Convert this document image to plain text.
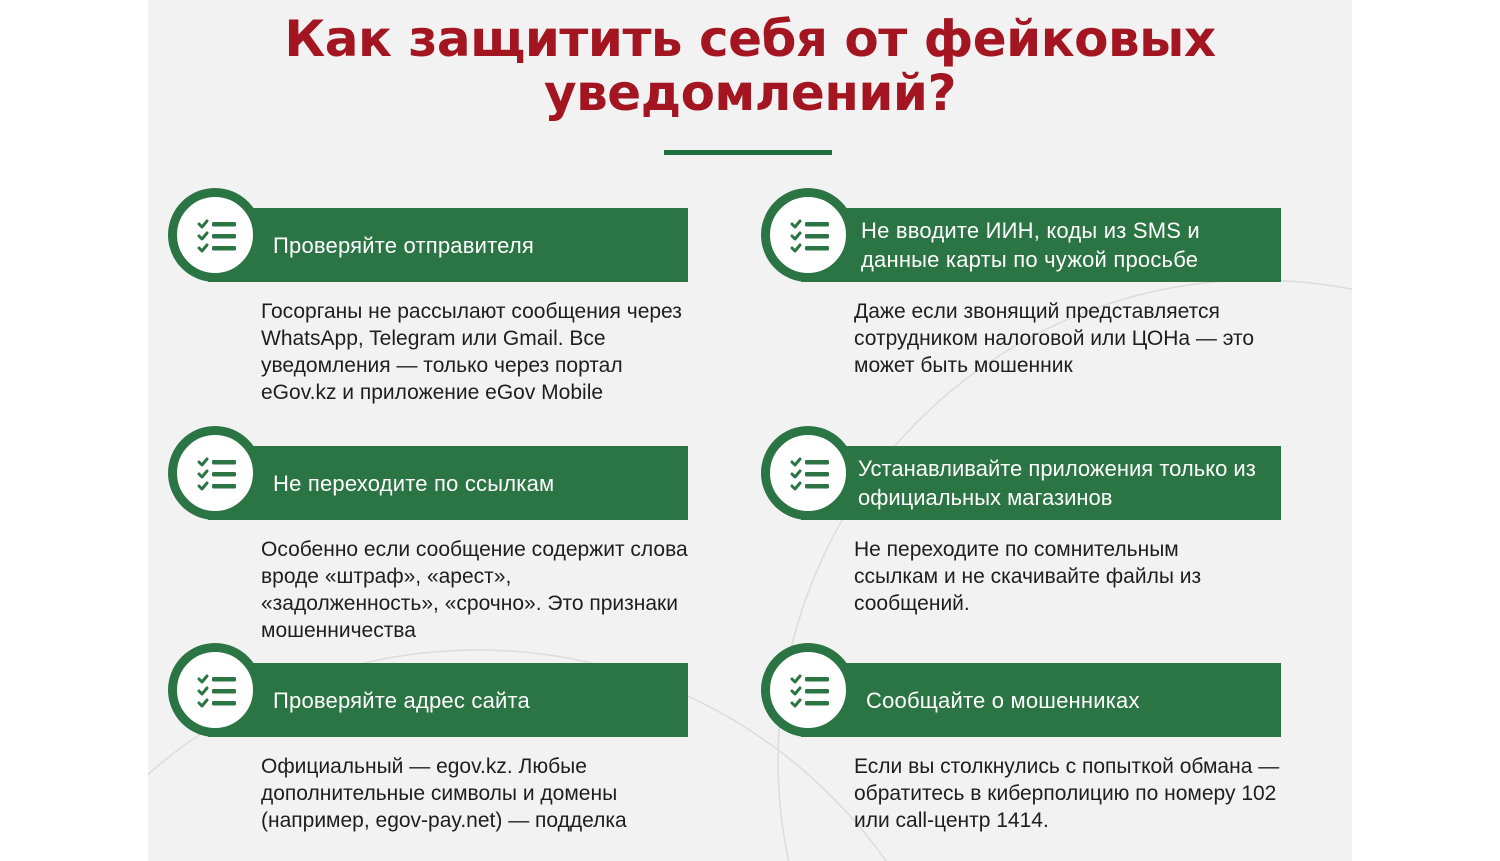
Как защитить себя от фейковых
уведомлений?
Проверяйте отправителя

Госорганы не рассылают сообщения через WhatsApp, Telegram или Gmail. Все уведомления — только через портал eGov.kz и приложение eGov Mobile

Не вводите ИИН, коды из SMS и данные карты по чужой просьбе

Даже если звонящий представляется сотрудником налоговой или ЦОНа — это может быть мошенник

Не переходите по ссылкам

Особенно если сообщение содержит слова вроде «штраф», «арест», «задолженность», «срочно». Это признаки мошенничества

Устанавливайте приложения только из официальных магазинов

Не переходите по сомнительным ссылкам и не скачивайте файлы из сообщений.

Проверяйте адрес сайта

Официальный — egov.kz. Любые дополнительные символы и домены (например, egov-pay.net) — подделка

Сообщайте о мошенниках

Если вы столкнулись с попыткой обмана — обратитесь в киберполицию по номеру 102 или call-центр 1414.
